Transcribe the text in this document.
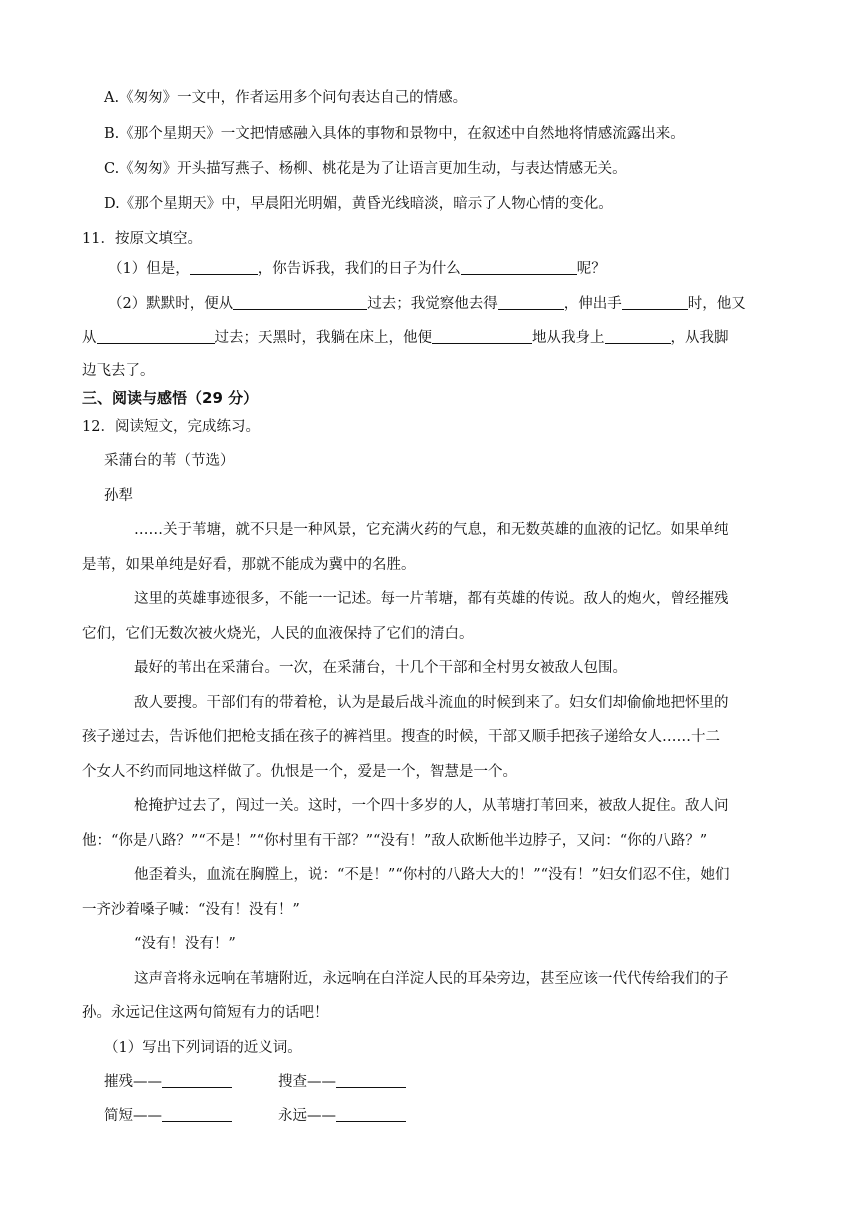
A.《匆匆》一文中，作者运用多个问句表达自己的情感。
B.《那个星期天》一文把情感融入具体的事物和景物中，在叙述中自然地将情感流露出来。
C.《匆匆》开头描写燕子、杨柳、桃花是为了让语言更加生动，与表达情感无关。
D.《那个星期天》中，早晨阳光明媚，黄昏光线暗淡，暗示了人物心情的变化。
11．按原文填空。
（1）但是，	，你告诉我，我们的日子为什么	呢？
（2）默默时，便从	过去；我觉察他去得	，伸出手	时，他又
从	过去；天黑时，我躺在床上，他便	地从我身上	，从我脚
边飞去了。
三、阅读与感悟（29 分）
12．阅读短文，完成练习。
采蒲台的苇（节选）
孙犁
……关于苇塘，就不只是一种风景，它充满火药的气息，和无数英雄的血液的记忆。如果单纯
是苇，如果单纯是好看，那就不能成为冀中的名胜。
这里的英雄事迹很多，不能一一记述。每一片苇塘，都有英雄的传说。敌人的炮火，曾经摧残
它们，它们无数次被火烧光，人民的血液保持了它们的清白。
最好的苇出在采蒲台。一次，在采蒲台，十几个干部和全村男女被敌人包围。
敌人要搜。干部们有的带着枪，认为是最后战斗流血的时候到来了。妇女们却偷偷地把怀里的
孩子递过去，告诉他们把枪支插在孩子的裤裆里。搜查的时候，干部又顺手把孩子递给女人……十二
个女人不约而同地这样做了。仇恨是一个，爱是一个，智慧是一个。
枪掩护过去了，闯过一关。这时，一个四十多岁的人，从苇塘打苇回来，被敌人捉住。敌人问
他：“你是八路？”“不是！”“你村里有干部？”“没有！”敌人砍断他半边脖子，又问：“你的八路？”
他歪着头，血流在胸膛上，说：“不是！”“你村的八路大大的！”“没有！”妇女们忍不住，她们
一齐沙着嗓子喊：“没有！没有！”
“没有！没有！”
这声音将永远响在苇塘附近，永远响在白洋淀人民的耳朵旁边，甚至应该一代代传给我们的子
孙。永远记住这两句简短有力的话吧！
（1）写出下列词语的近义词。
摧残——	搜查——
简短——	永远——
